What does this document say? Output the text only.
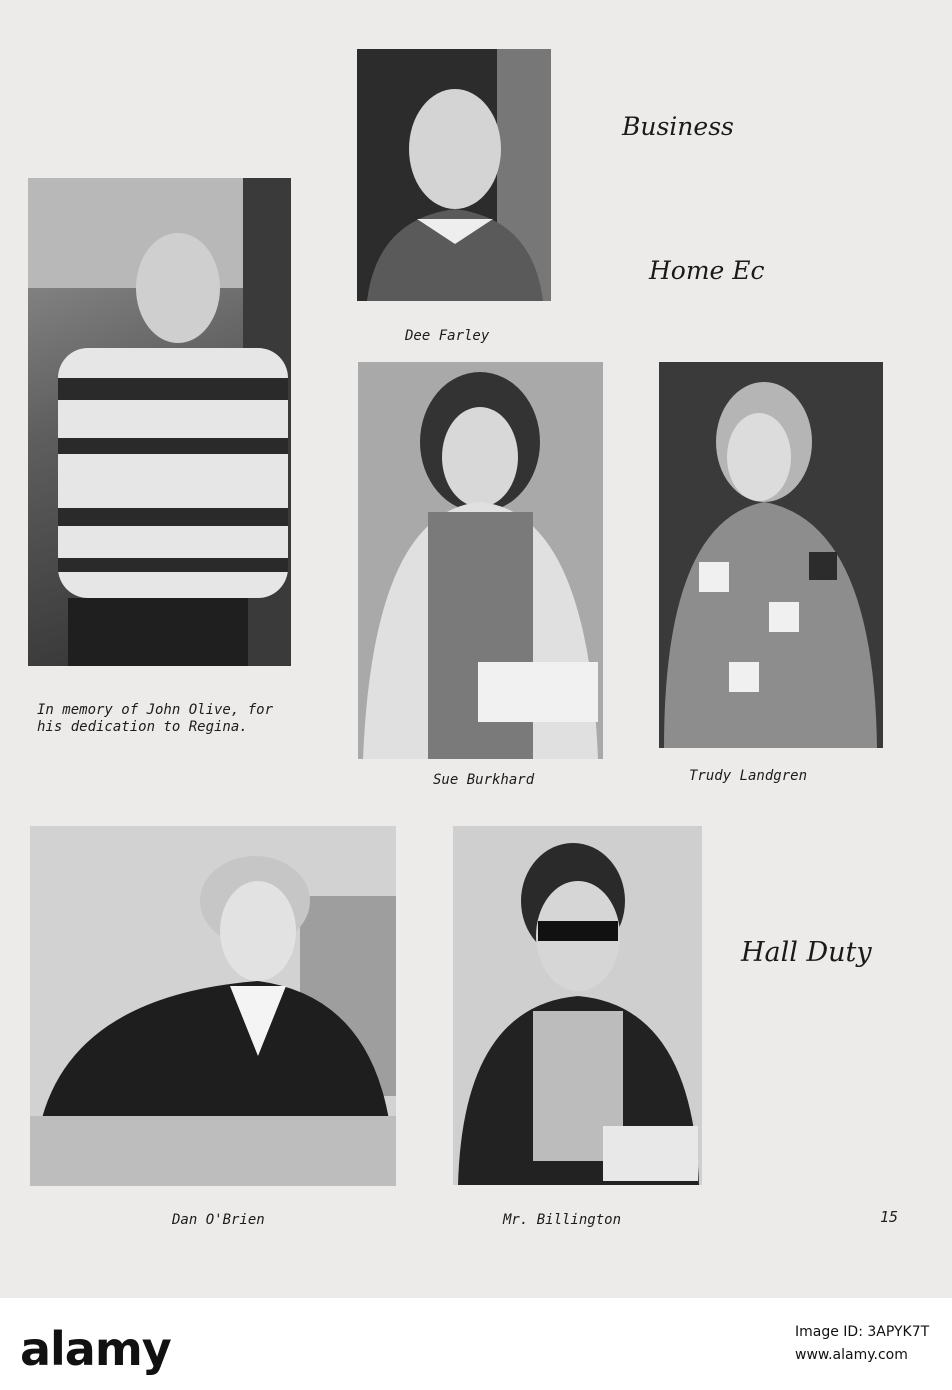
Business
Home Ec
Hall Duty
Dee Farley
In memory of John Olive, for
his dedication to Regina.
Sue Burkhard	Trudy Landgren
Dan O'Brien	Mr. Billington	15
alamy	Image ID: 3APYK7T
www.alamy.com
